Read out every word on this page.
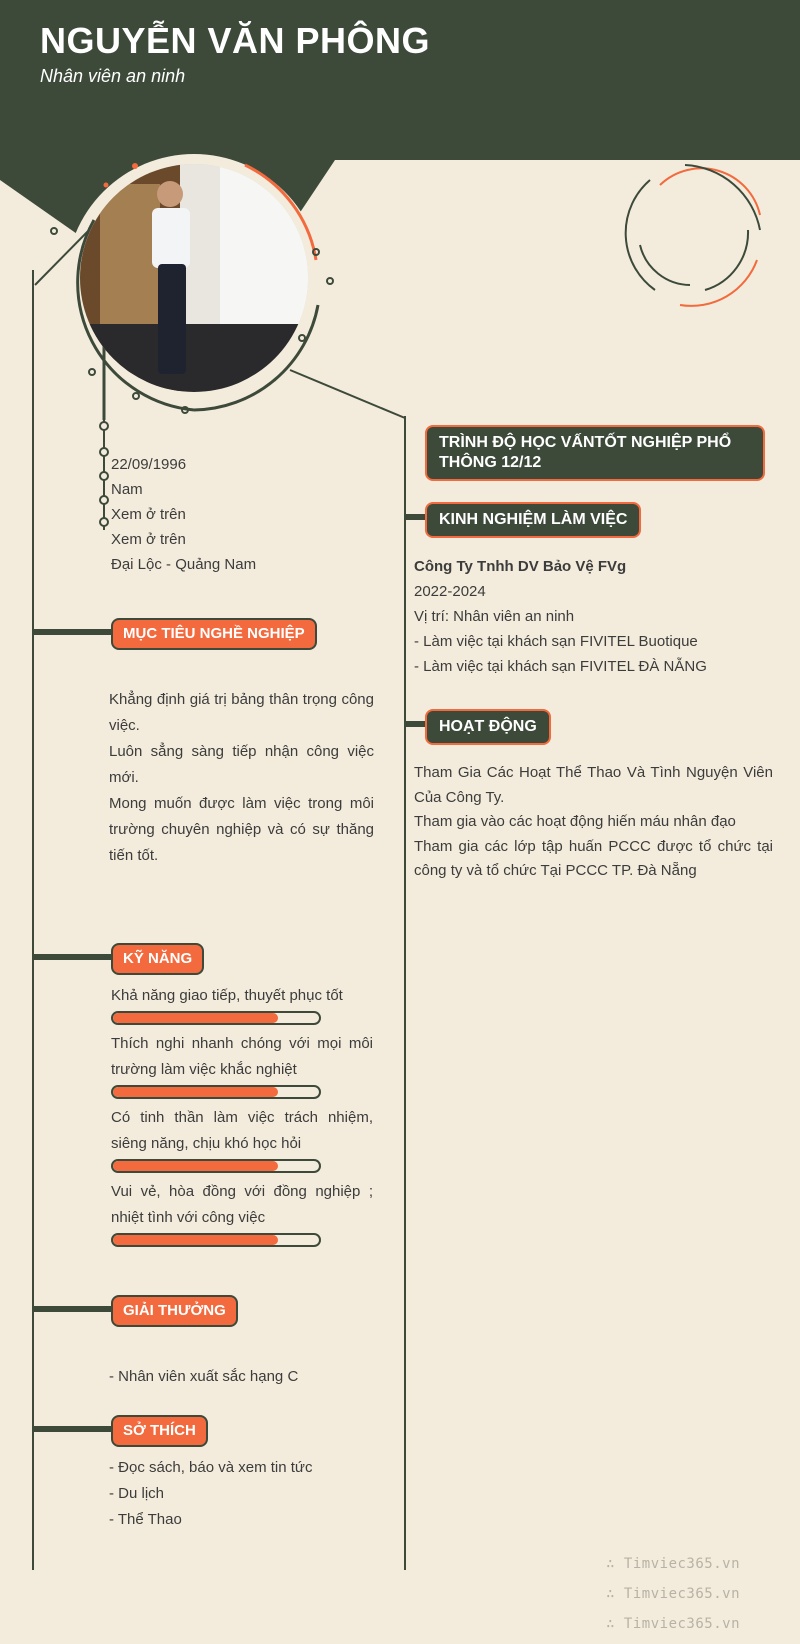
NGUYỄN VĂN PHÔNG
Nhân viên an ninh
22/09/1996
Nam
Xem ở trên
Xem ở trên
Đại Lộc - Quảng Nam
MỤC TIÊU NGHỀ NGHIỆP
Khẳng định giá trị bảng thân trọng công việc.
Luôn sẳng sàng tiếp nhận công việc mới.
Mong muốn được làm việc trong môi trường chuyên nghiệp và có sự thăng tiến tốt.
KỸ NĂNG
Khả năng giao tiếp, thuyết phục tốt
Thích nghi nhanh chóng với mọi môi trường làm việc khắc nghiệt
Có tinh thần làm việc trách nhiệm, siêng năng, chịu khó học hỏi
Vui vẻ, hòa đồng với đồng nghiệp ; nhiệt tình với công việc
GIẢI THƯỞNG
- Nhân viên xuất sắc hạng C
SỞ THÍCH
- Đọc sách, báo và xem tin tức
- Du lịch
- Thể Thao
TRÌNH ĐỘ HỌC VẤNTỐT NGHIỆP PHỔ THÔNG 12/12
KINH NGHIỆM LÀM VIỆC
Công Ty Tnhh DV Bảo Vệ FVg
2022-2024
Vị trí: Nhân viên an ninh
- Làm việc tại khách sạn FIVITEL Buotique
- Làm việc tại khách sạn FIVITEL ĐÀ NẴNG
HOẠT ĐỘNG
Tham Gia Các Hoạt Thể Thao Và Tình Nguyện Viên Của Công Ty.
Tham gia vào các hoạt động hiến máu nhân đạo
Tham gia các lớp tập huấn PCCC được tổ chức tại công ty và tổ chức Tại PCCC TP. Đà Nẵng
∴ Timviec365.vn
∴ Timviec365.vn
∴ Timviec365.vn
